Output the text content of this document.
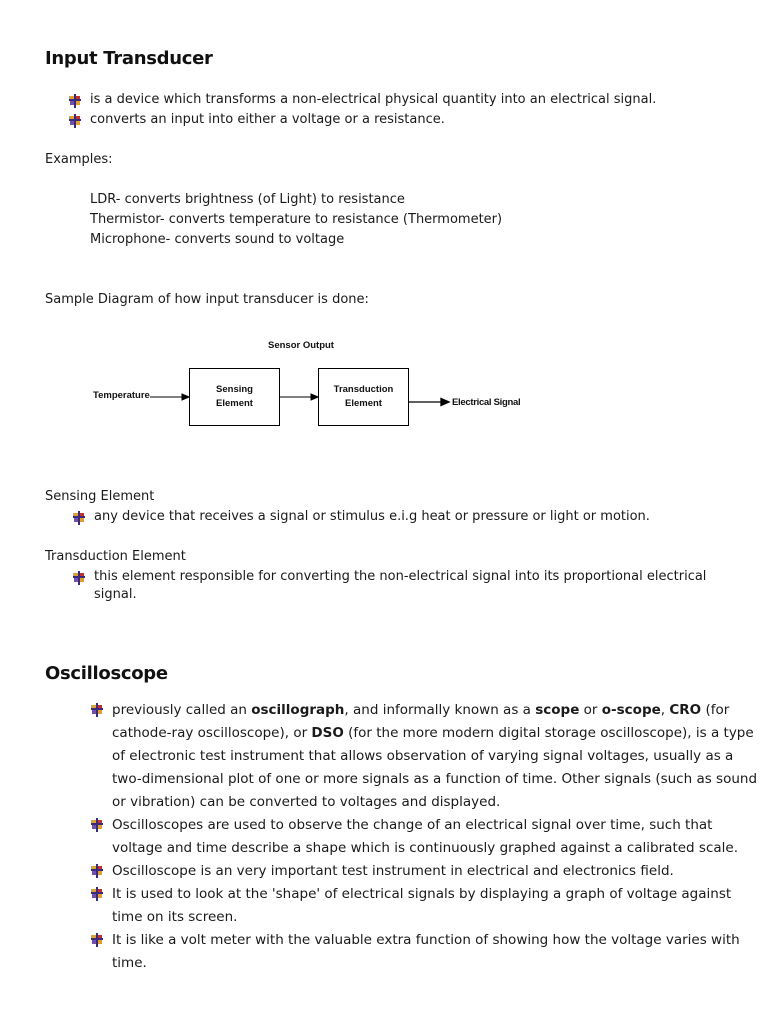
Input Transducer
is a device which transforms a non-electrical physical quantity into an electrical signal.
converts an input into either a voltage or a resistance.
Examples:
LDR- converts brightness (of Light) to resistance
Thermistor- converts temperature to resistance (Thermometer)
Microphone- converts sound to voltage
Sample Diagram of how input transducer is done:
Sensor Output
Temperature
Sensing
Element
Transduction
Element	Electrical Signal
Sensing Element
any device that receives a signal or stimulus e.i.g heat or pressure or light or motion.
Transduction Element
this element responsible for converting the non-electrical signal into its proportional electrical
signal.
Oscilloscope
previously called an oscillograph, and informally known as a scope or o-scope, CRO (for
cathode-ray oscilloscope), or DSO (for the more modern digital storage oscilloscope), is a type
of electronic test instrument that allows observation of varying signal voltages, usually as a
two-dimensional plot of one or more signals as a function of time. Other signals (such as sound
or vibration) can be converted to voltages and displayed.
Oscilloscopes are used to observe the change of an electrical signal over time, such that
voltage and time describe a shape which is continuously graphed against a calibrated scale.
Oscilloscope is an very important test instrument in electrical and electronics field.
It is used to look at the 'shape' of electrical signals by displaying a graph of voltage against
time on its screen.
It is like a volt meter with the valuable extra function of showing how the voltage varies with
time.
